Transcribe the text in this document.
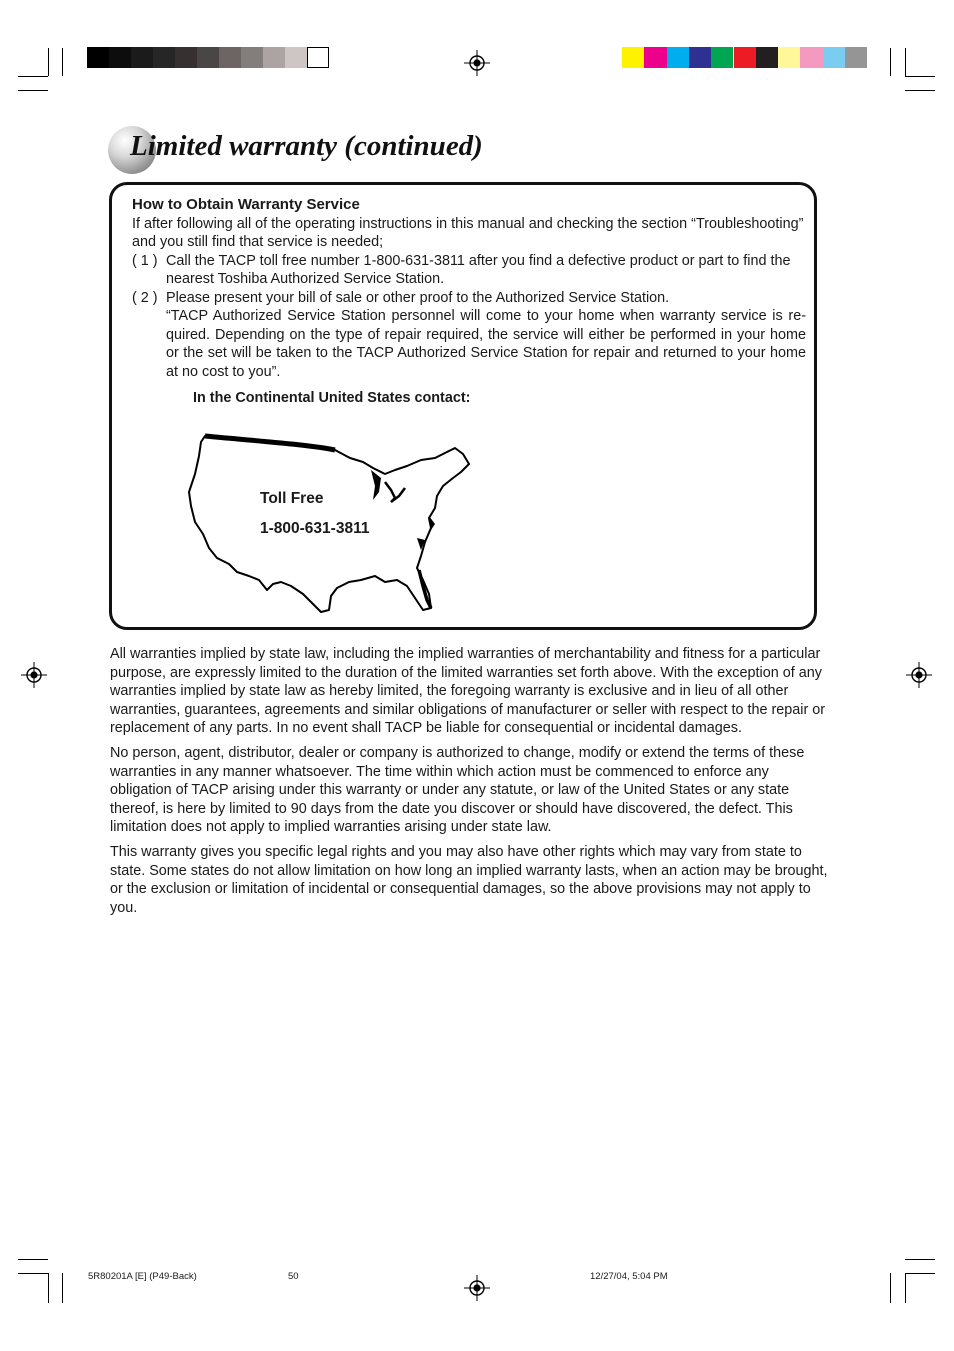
Limited warranty (continued)
How to Obtain Warranty Service
If after following all of the operating instructions in this manual and checking the section “Troubleshooting”
and you still find that service is needed;
( 1 ) Call the TACP toll free number 1-800-631-3811 after you find a defective product or part to find the
nearest Toshiba Authorized Service Station.
( 2 ) Please present your bill of sale or other proof to the Authorized Service Station.
“TACP Authorized Service Station personnel will come to your home when warranty service is re-quired. Depending on the type of repair required, the service will either be performed in your home or the set will be taken to the TACP Authorized Service Station for repair and returned to your home at no cost to you”.
In the Continental United States contact:
Toll Free
1-800-631-3811
All warranties implied by state law, including the implied warranties of merchantability and fitness for a particular purpose, are expressly limited to the duration of the limited warranties set forth above. With the exception of any warranties implied by state law as hereby limited, the foregoing warranty is exclusive and in lieu of all other warranties, guarantees, agreements and similar obligations of manufacturer or seller with respect to the repair or replacement of any parts. In no event shall TACP be liable for consequential or incidental damages.
No person, agent, distributor, dealer or company is authorized to change, modify or extend the terms of these warranties in any manner whatsoever. The time within which action must be commenced to enforce any obligation of TACP arising under this warranty or under any statute, or law of the United States or any state thereof, is here by limited to 90 days from the date you discover or should have discovered, the defect. This limitation does not apply to implied warranties arising under state law.
This warranty gives you specific legal rights and you may also have other rights which may vary from state to state. Some states do not allow limitation on how long an implied warranty lasts, when an action may be brought, or the exclusion or limitation of incidental or consequential damages, so the above provisions may not apply to you.
5R80201A [E] (P49-Back)	50	12/27/04, 5:04 PM
